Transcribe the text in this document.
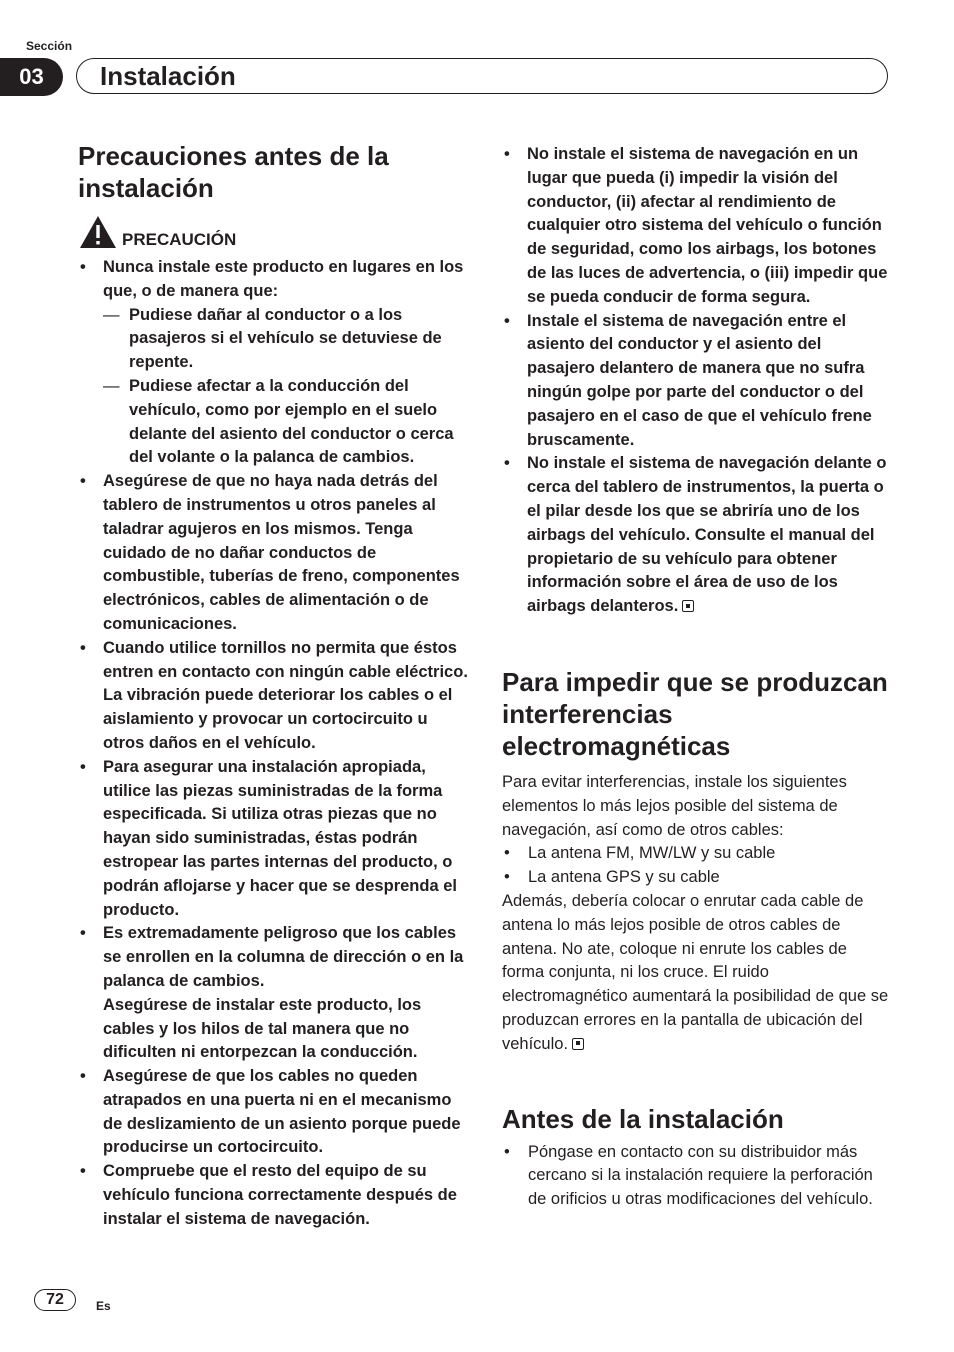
Sección
03	Instalación
Precauciones antes de la instalación
PRECAUCIÓN
• Nunca instale este producto en lugares en los que, o de manera que:
— Pudiese dañar al conductor o a los pasajeros si el vehículo se detuviese de repente.
— Pudiese afectar a la conducción del vehículo, como por ejemplo en el suelo delante del asiento del conductor o cerca del volante o la palanca de cambios.
• Asegúrese de que no haya nada detrás del tablero de instrumentos u otros paneles al taladrar agujeros en los mismos. Tenga cuidado de no dañar conductos de combustible, tuberías de freno, componentes electrónicos, cables de alimentación o de comunicaciones.
• Cuando utilice tornillos no permita que éstos entren en contacto con ningún cable eléctrico. La vibración puede deteriorar los cables o el aislamiento y provocar un cortocircuito u otros daños en el vehículo.
• Para asegurar una instalación apropiada, utilice las piezas suministradas de la forma especificada. Si utiliza otras piezas que no hayan sido suministradas, éstas podrán estropear las partes internas del producto, o podrán aflojarse y hacer que se desprenda el producto.
• Es extremadamente peligroso que los cables se enrollen en la columna de dirección o en la palanca de cambios.
Asegúrese de instalar este producto, los cables y los hilos de tal manera que no dificulten ni entorpezcan la conducción.
• Asegúrese de que los cables no queden atrapados en una puerta ni en el mecanismo de deslizamiento de un asiento porque puede producirse un cortocircuito.
• Compruebe que el resto del equipo de su vehículo funciona correctamente después de instalar el sistema de navegación.
• No instale el sistema de navegación en un lugar que pueda (i) impedir la visión del conductor, (ii) afectar al rendimiento de cualquier otro sistema del vehículo o función de seguridad, como los airbags, los botones de las luces de advertencia, o (iii) impedir que se pueda conducir de forma segura.
• Instale el sistema de navegación entre el asiento del conductor y el asiento del pasajero delantero de manera que no sufra ningún golpe por parte del conductor o del pasajero en el caso de que el vehículo frene bruscamente.
• No instale el sistema de navegación delante o cerca del tablero de instrumentos, la puerta o el pilar desde los que se abriría uno de los airbags del vehículo. Consulte el manual del propietario de su vehículo para obtener información sobre el área de uso de los airbags delanteros.
Para impedir que se produzcan interferencias electromagnéticas
Para evitar interferencias, instale los siguientes elementos lo más lejos posible del sistema de navegación, así como de otros cables:
• La antena FM, MW/LW y su cable
• La antena GPS y su cable
Además, debería colocar o enrutar cada cable de antena lo más lejos posible de otros cables de antena. No ate, coloque ni enrute los cables de forma conjunta, ni los cruce. El ruido electromagnético aumentará la posibilidad de que se produzcan errores en la pantalla de ubicación del vehículo.
Antes de la instalación
• Póngase en contacto con su distribuidor más cercano si la instalación requiere la perforación de orificios u otras modificaciones del vehículo.
72	Es
